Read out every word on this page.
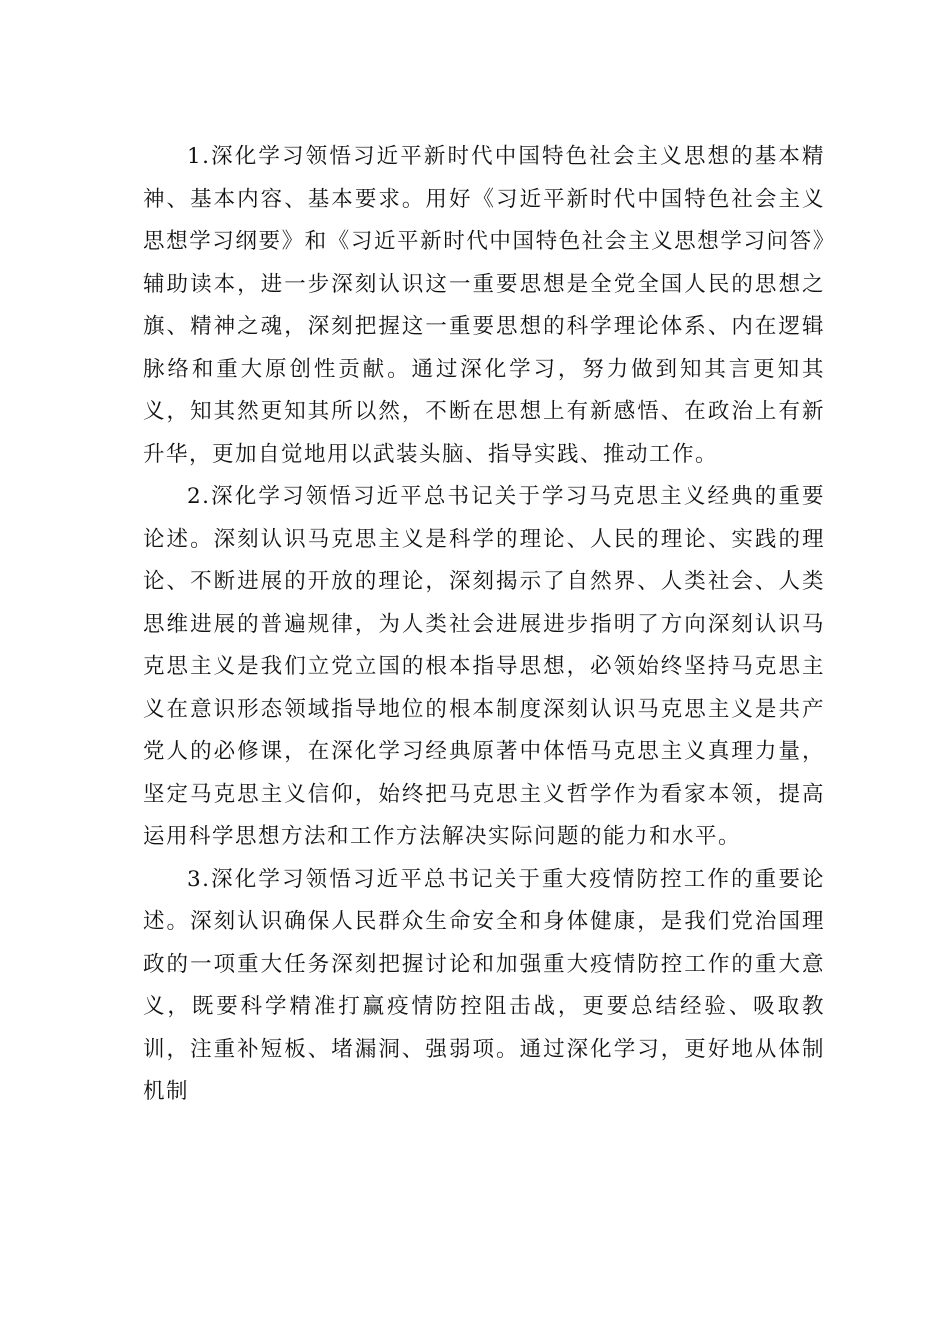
1.深化学习领悟习近平新时代中国特色社会主义思想的基本精神、基本内容、基本要求。用好《习近平新时代中国特色社会主义思想学习纲要》和《习近平新时代中国特色社会主义思想学习问答》辅助读本，进一步深刻认识这一重要思想是全党全国人民的思想之旗、精神之魂，深刻把握这一重要思想的科学理论体系、内在逻辑脉络和重大原创性贡献。通过深化学习，努力做到知其言更知其义，知其然更知其所以然，不断在思想上有新感悟、在政治上有新升华，更加自觉地用以武装头脑、指导实践、推动工作。

2.深化学习领悟习近平总书记关于学习马克思主义经典的重要论述。深刻认识马克思主义是科学的理论、人民的理论、实践的理论、不断进展的开放的理论，深刻揭示了自然界、人类社会、人类思维进展的普遍规律，为人类社会进展进步指明了方向深刻认识马克思主义是我们立党立国的根本指导思想，必领始终坚持马克思主义在意识形态领域指导地位的根本制度深刻认识马克思主义是共产党人的必修课，在深化学习经典原著中体悟马克思主义真理力量，坚定马克思主义信仰，始终把马克思主义哲学作为看家本领，提高运用科学思想方法和工作方法解决实际问题的能力和水平。

3.深化学习领悟习近平总书记关于重大疫情防控工作的重要论述。深刻认识确保人民群众生命安全和身体健康，是我们党治国理政的一项重大任务深刻把握讨论和加强重大疫情防控工作的重大意义，既要科学精准打赢疫情防控阻击战，更要总结经验、吸取教训，注重补短板、堵漏洞、强弱项。通过深化学习，更好地从体制机制
